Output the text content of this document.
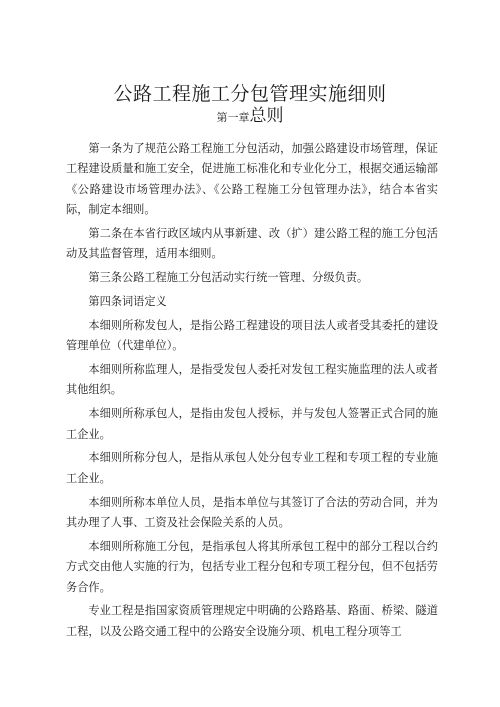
公路工程施工分包管理实施细则
第一章总则

第一条为了规范公路工程施工分包活动，加强公路建设市场管理，保证工程建设质量和施工安全，促进施工标准化和专业化分工，根据交通运输部《公路建设市场管理办法》、《公路工程施工分包管理办法》，结合本省实际，制定本细则。

第二条在本省行政区域内从事新建、改（扩）建公路工程的施工分包活动及其监督管理，适用本细则。

第三条公路工程施工分包活动实行统一管理、分级负责。

第四条词语定义

本细则所称发包人，是指公路工程建设的项目法人或者受其委托的建设管理单位（代建单位）。

本细则所称监理人，是指受发包人委托对发包工程实施监理的法人或者其他组织。

本细则所称承包人，是指由发包人授标，并与发包人签署正式合同的施工企业。

本细则所称分包人，是指从承包人处分包专业工程和专项工程的专业施工企业。

本细则所称本单位人员，是指本单位与其签订了合法的劳动合同，并为其办理了人事、工资及社会保险关系的人员。

本细则所称施工分包，是指承包人将其所承包工程中的部分工程以合约方式交由他人实施的行为，包括专业工程分包和专项工程分包，但不包括劳务合作。

专业工程是指国家资质管理规定中明确的公路路基、路面、桥梁、隧道工程，以及公路交通工程中的公路安全设施分项、机电工程分项等工
